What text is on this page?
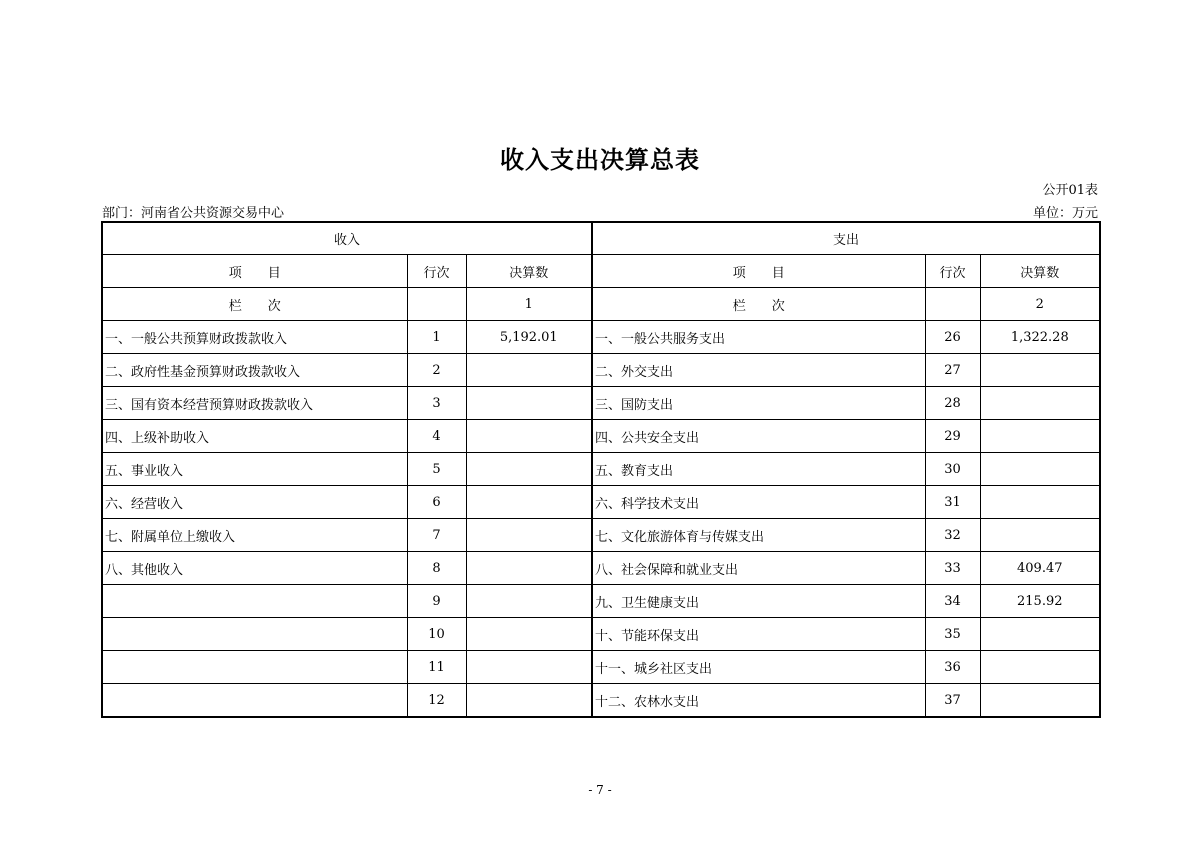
收入支出决算总表
公开01表
部门：河南省公共资源交易中心	单位：万元
收入			支出		
项　　目	行次	决算数	项　　目	行次	决算数
栏　　次		1	栏　　次		2
一、一般公共预算财政拨款收入	1	5,192.01	一、一般公共服务支出	26	1,322.28
二、政府性基金预算财政拨款收入	2		二、外交支出	27	
三、国有资本经营预算财政拨款收入	3		三、国防支出	28	
四、上级补助收入	4		四、公共安全支出	29	
五、事业收入	5		五、教育支出	30	
六、经营收入	6		六、科学技术支出	31	
七、附属单位上缴收入	7		七、文化旅游体育与传媒支出	32	
八、其他收入	8		八、社会保障和就业支出	33	409.47
	9		九、卫生健康支出	34	215.92
	10		十、节能环保支出	35	
	11		十一、城乡社区支出	36	
	12		十二、农林水支出	37	
- 7 -
